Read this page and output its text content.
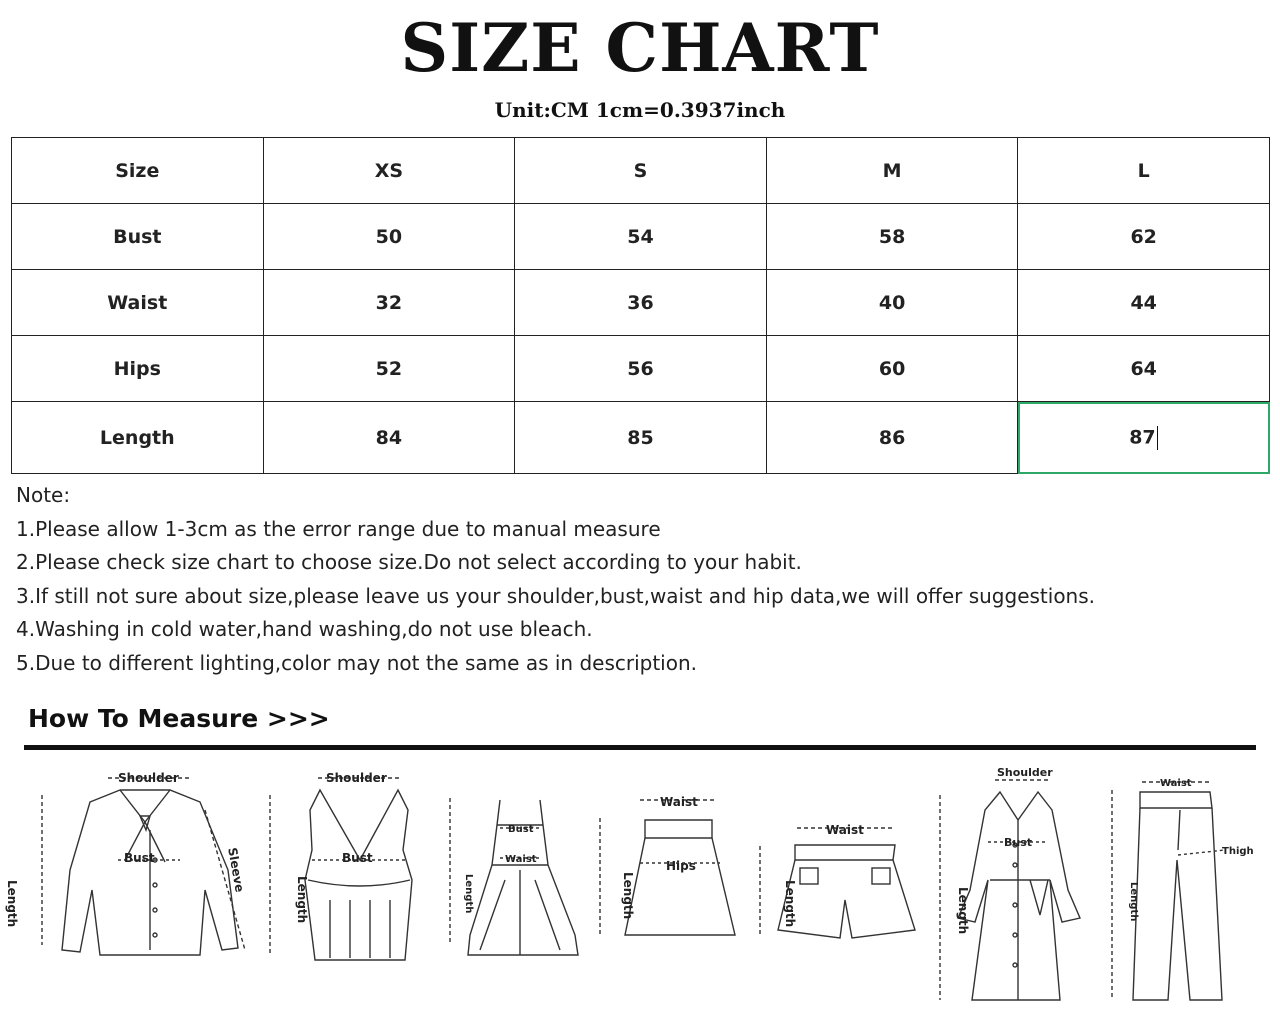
SIZE CHART
Unit:CM 1cm=0.3937inch
Size	XS	S	M	L
Bust	50	54	58	62
Waist	32	36	40	44
Hips	52	56	60	64
Length	84	85	86	87
Note:
1.Please allow 1-3cm as the error range due to manual measure
2.Please check size chart to choose size.Do not select according to your habit.
3.If still not sure about size,please leave us your shoulder,bust,waist and hip data,we will offer suggestions.
4.Washing in cold water,hand washing,do not use bleach.
5.Due to different lighting,color may not the same as in description.
How To Measure >>>
Shoulder
Bust
Length
Sleeve
Shoulder
Bust
Length
Bust
Waist
Length
Waist
Hips
Length
Waist
Length
Shoulder
Bust
Length
Waist
Thigh
Length
